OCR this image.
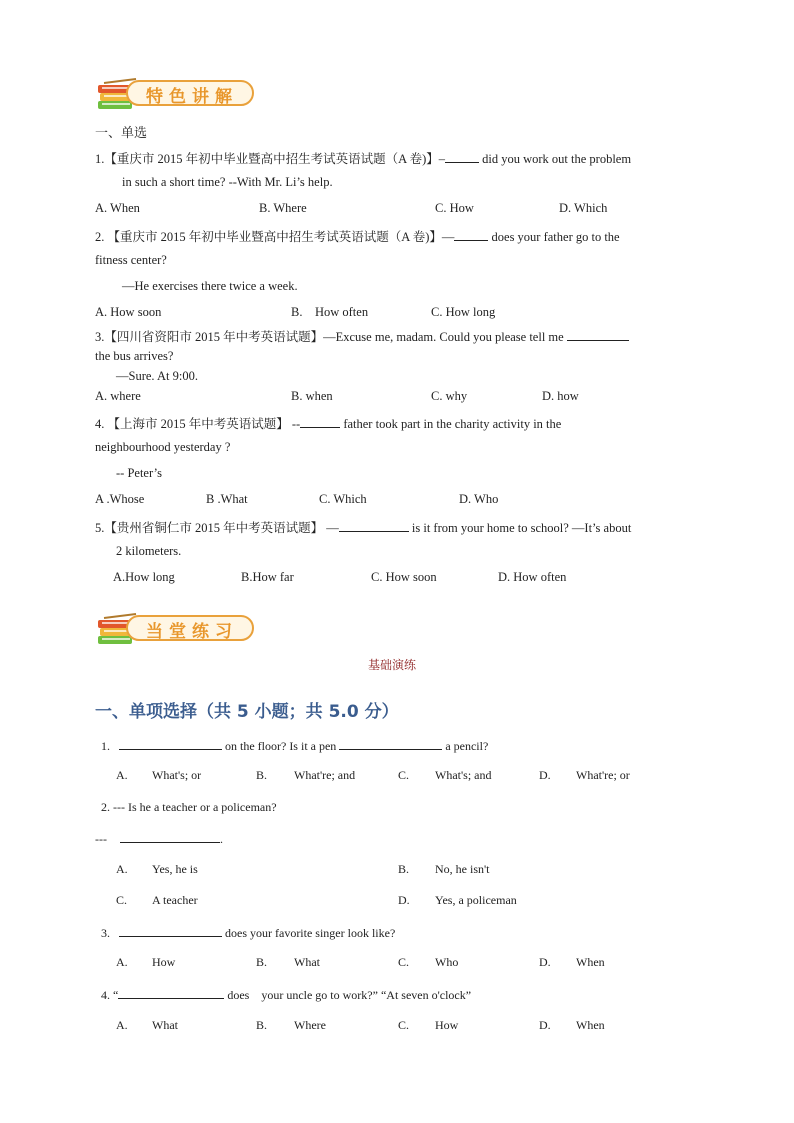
特色讲解
一、单选
1.【重庆市 2015 年初中毕业暨高中招生考试英语试题（A 卷)】–	did you work out the problem
in such a short time? --With Mr. Li’s help.
A. When	B. Where	C. How	D. Which
2. 【重庆市 2015 年初中毕业暨高中招生考试英语试题（A 卷)】—	does your father go to the
fitness center?
—He exercises there twice a week.
A. How soon	B.    How often	C. How long
3.【四川省资阳市 2015 年中考英语试题】—Excuse me, madam. Could you please tell me
the bus arrives?
—Sure. At 9:00.
A. where	B. when	C. why	D. how
4. 【上海市 2015 年中考英语试题】 --	father took part in the charity activity in the
neighbourhood yesterday ?
-- Peter’s
A .Whose	B .What	C. Which	D. Who
5.【贵州省铜仁市 2015 年中考英语试题】 —	is it from your home to school? —It’s about
2 kilometers.
A.How long	B.How far	C. How soon	D. How often
当堂练习
基础演练
一、单项选择（共 5 小题；共 5.0 分）
1.	on the floor? Is it a pen	a pencil?
A. What's; or	B. What're; and	C. What's; and	D. What're; or
2. --- Is he a teacher or a policeman?
---	.
A. Yes, he is	B. No, he isn't
C. A teacher	D. Yes, a policeman
3.	does your favorite singer look like?
A. How	B. What	C. Who	D. When
4. “	does    your uncle go to work?” “At seven o'clock”
A. What	B. Where	C. How	D. When
